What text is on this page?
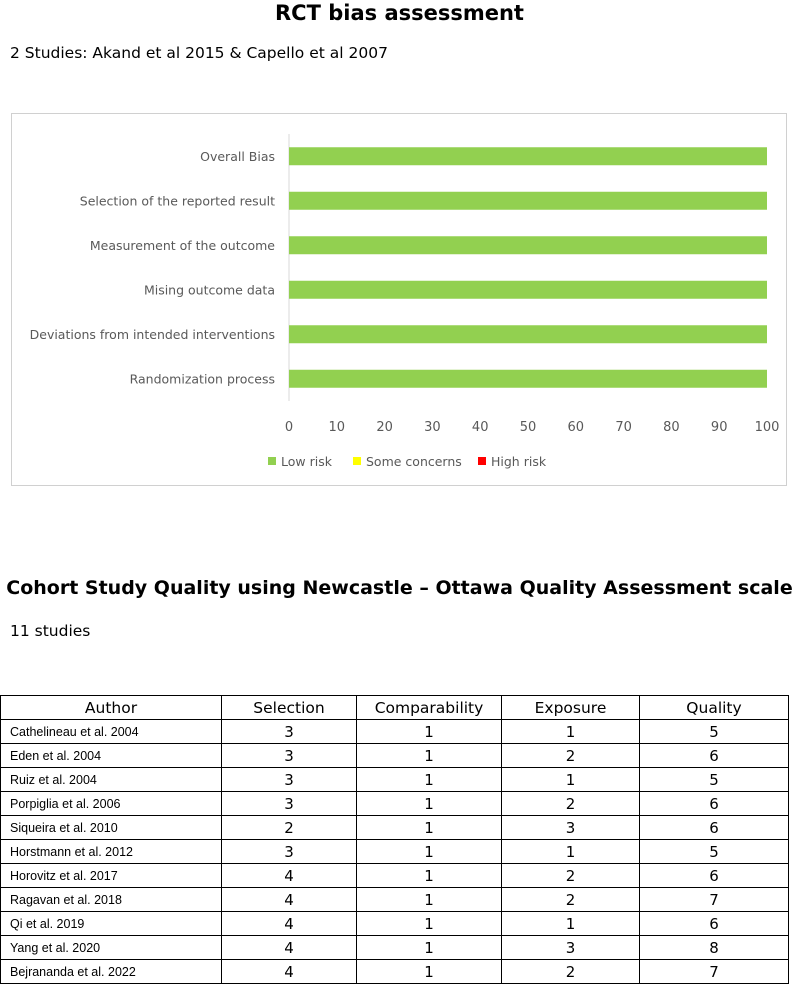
RCT bias assessment
2 Studies: Akand et al 2015 & Capello et al 2007
Overall Bias
Selection of the reported result
Measurement of the outcome
Mising outcome data
Deviations from intended interventions
Randomization process
0	10 20 30 40 50 60 70 80 90 100
Low risk	Some concerns High risk
Cohort Study Quality using Newcastle – Ottawa Quality Assessment scale
11 studies
Author	Selection	Comparability	Exposure	Quality
Cathelineau et al. 2004	3	1	1	5
Eden et al. 2004	3	1	2	6
Ruiz et al. 2004	3	1	1	5
Porpiglia et al. 2006	3	1	2	6
Siqueira et al. 2010	2	1	3	6
Horstmann et al. 2012	3	1	1	5
Horovitz et al. 2017	4	1	2	6
Ragavan et al. 2018	4	1	2	7
Qi et al. 2019	4	1	1	6
Yang et al. 2020	4	1	3	8
Bejrananda et al. 2022	4	1	2	7
